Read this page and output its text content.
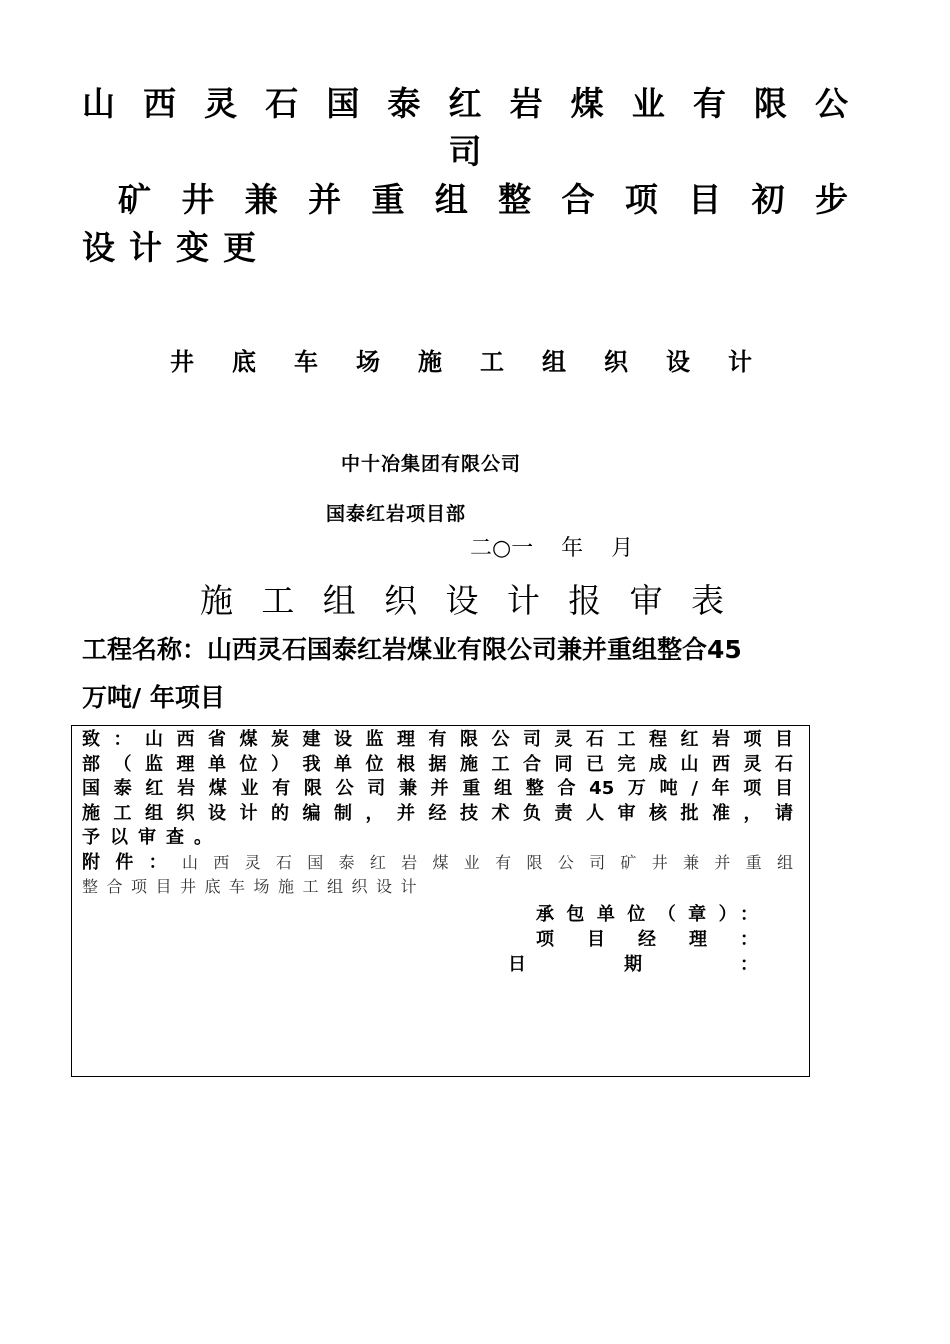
山西灵石国泰红岩煤业有限公
司
矿井兼并重组整合项目初步
设计变更
井底车场施工组织设计
中十冶集团有限公司
国泰红岩项目部
二○一    年    月
施工组织设计报审表
工程名称：山西灵石国泰红岩煤业有限公司兼并重组整合45
万吨/ 年项目
致：山西省煤炭建设监理有限公司灵石工程红岩项目
部（监理单位）我单位根据施工合同已完成山西灵石
国泰红岩煤业有限公司兼并重组整合45万吨/年项目
施工组织设计的编制，并经技术负责人审核批准，请
予以审查。
附件：山西灵石国泰红岩煤业有限公司矿井兼并重组
整合项目井底车场施工组织设计
承包单位（章）：
项目经理：
日期：
